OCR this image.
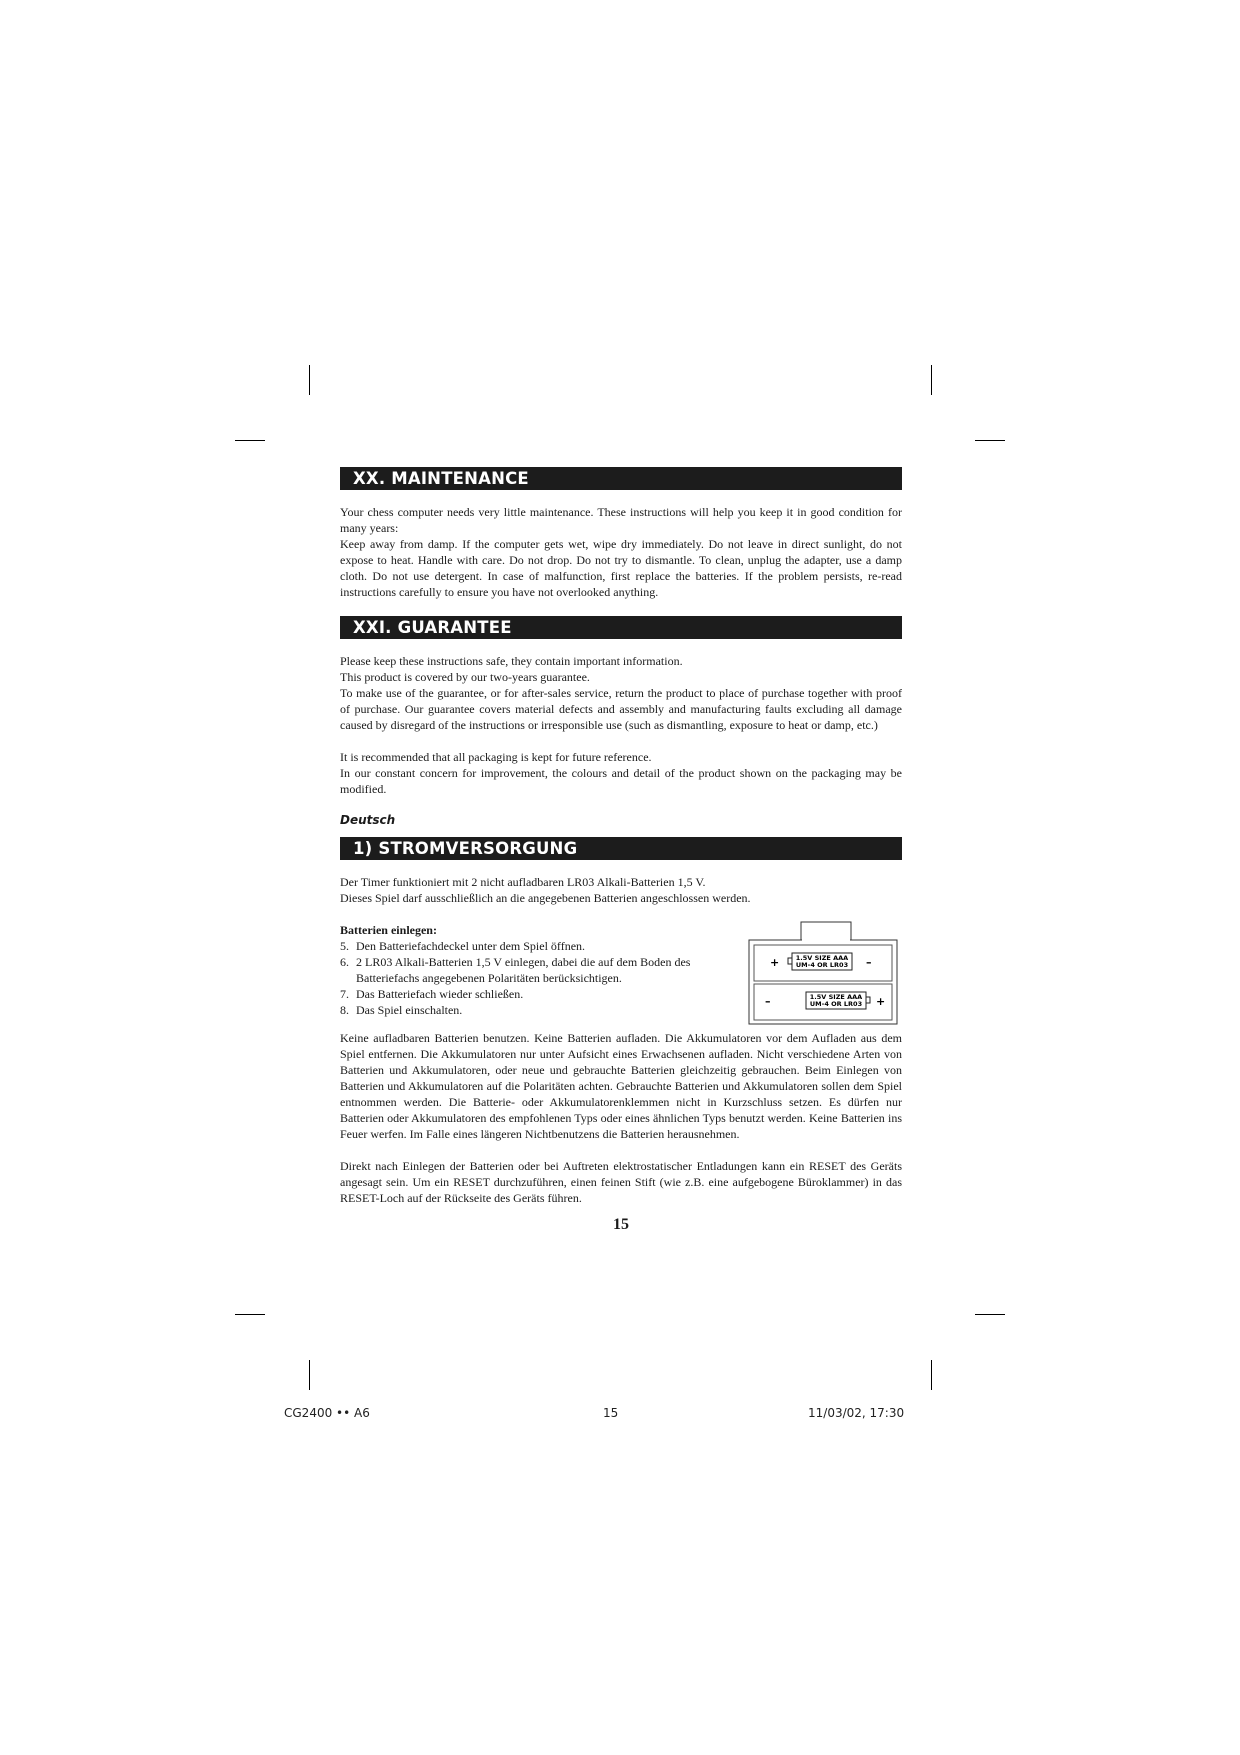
XX. MAINTENANCE

Your chess computer needs very little maintenance. These instructions will help you keep it in good condition for many years:
Keep away from damp. If the computer gets wet, wipe dry immediately. Do not leave in direct sunlight, do not expose to heat. Handle with care. Do not drop. Do not try to dismantle. To clean, unplug the adapter, use a damp cloth. Do not use detergent. In case of malfunction, first replace the batteries. If the problem persists, re-read instructions carefully to ensure you have not overlooked anything.

XXI. GUARANTEE

Please keep these instructions safe, they contain important information.
This product is covered by our two-years guarantee.
To make use of the guarantee, or for after-sales service, return the product to place of purchase together with proof of purchase. Our guarantee covers material defects and assembly and manufacturing faults excluding all damage caused by disregard of the instructions or irresponsible use (such as dismantling, exposure to heat or damp, etc.)

It is recommended that all packaging is kept for future reference.
In our constant concern for improvement, the colours and detail of the product shown on the packaging may be modified.

Deutsch
1) STROMVERSORGUNG

Der Timer funktioniert mit 2 nicht aufladbaren LR03 Alkali-Batterien 1,5 V.
Dieses Spiel darf ausschließlich an die angegebenen Batterien angeschlossen werden.

Batterien einlegen:
5. Den Batteriefachdeckel unter dem Spiel öffnen.
6. 2 LR03 Alkali-Batterien 1,5 V einlegen, dabei die auf dem Boden des Batteriefachs angegebenen Polaritäten berücksichtigen.
7. Das Batteriefach wieder schließen.
8. Das Spiel einschalten.
+	–
1.5V SIZE AAA
UM-4 OR LR03
–	+
1.5V SIZE AAA
UM-4 OR LR03

Keine aufladbaren Batterien benutzen. Keine Batterien aufladen. Die Akkumulatoren vor dem Aufladen aus dem Spiel entfernen. Die Akkumulatoren nur unter Aufsicht eines Erwachsenen aufladen. Nicht verschiedene Arten von Batterien und Akkumulatoren, oder neue und gebrauchte Batterien gleichzeitig gebrauchen. Beim Einlegen von Batterien und Akkumulatoren auf die Polaritäten achten. Gebrauchte Batterien und Akkumulatoren sollen dem Spiel entnommen werden. Die Batterie- oder Akkumulatorenklemmen nicht in Kurzschluss setzen. Es dürfen nur Batterien oder Akkumulatoren des empfohlenen Typs oder eines ähnlichen Typs benutzt werden. Keine Batterien ins Feuer werfen. Im Falle eines längeren Nichtbenutzens die Batterien herausnehmen.

Direkt nach Einlegen der Batterien oder bei Auftreten elektrostatischer Entladungen kann ein RESET des Geräts angesagt sein. Um ein RESET durchzuführen, einen feinen Stift (wie z.B. eine aufgebogene Büroklammer) in das RESET-Loch auf der Rückseite des Geräts führen.

15
CG2400 •• A6	15	11/03/02, 17:30
